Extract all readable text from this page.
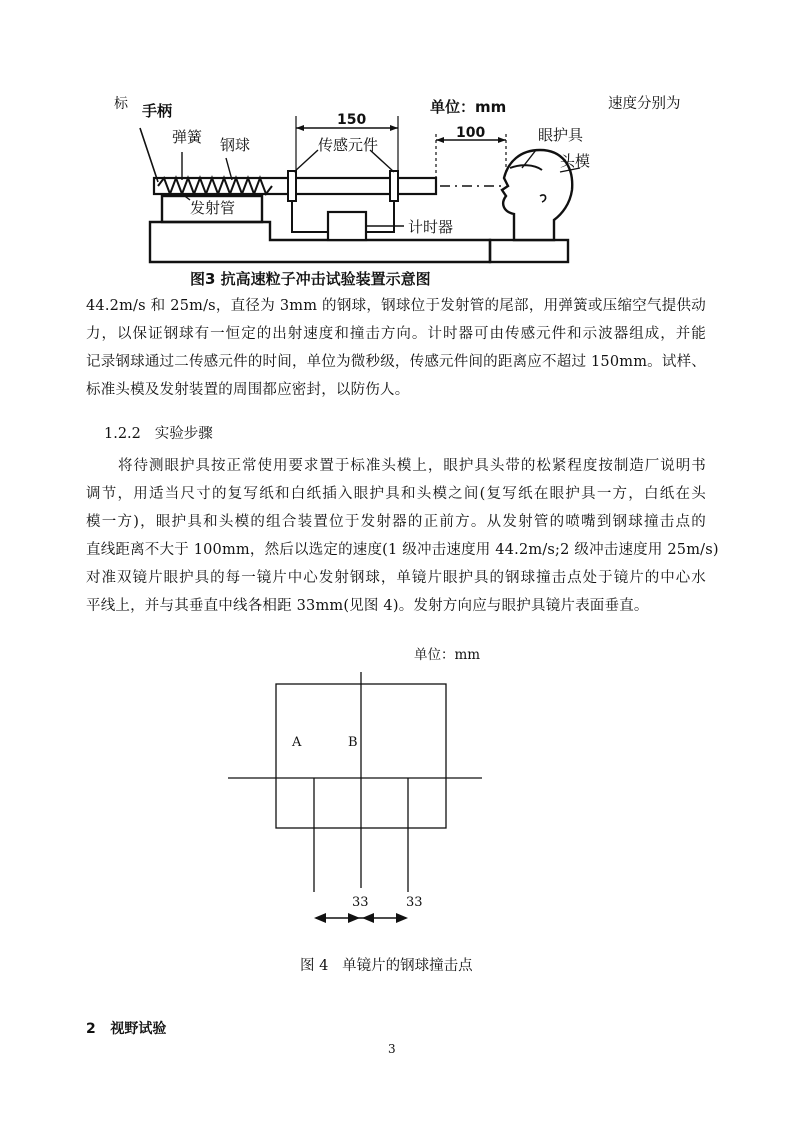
标	速度分别为
单位：mm
150
100
手柄
弹簧 钢球	传感元件
发射管
计时器
眼护具
头模
图3 抗高速粒子冲击试验装置示意图
44.2m/s 和 25m/s，直径为 3mm 的钢球，钢球位于发射管的尾部，用弹簧或压缩空气提供动
力，以保证钢球有一恒定的出射速度和撞击方向。计时器可由传感元件和示波器组成，并能
记录钢球通过二传感元件的时间，单位为微秒级，传感元件间的距离应不超过 150mm。试样、
标准头模及发射装置的周围都应密封，以防伤人。
1.2.2   实验步骤
将待测眼护具按正常使用要求置于标准头模上，眼护具头带的松紧程度按制造厂说明书
调节，用适当尺寸的复写纸和白纸插入眼护具和头模之间(复写纸在眼护具一方，白纸在头
模一方)，眼护具和头模的组合装置位于发射器的正前方。从发射管的喷嘴到钢球撞击点的
直线距离不大于 100mm，然后以选定的速度(1 级冲击速度用 44.2m/s;2 级冲击速度用 25m/s)
对准双镜片眼护具的每一镜片中心发射钢球，单镜片眼护具的钢球撞击点处于镜片的中心水
平线上，并与其垂直中线各相距 33mm(见图 4)。发射方向应与眼护具镜片表面垂直。
单位：mm
A	B
33	33
图 4   单镜片的钢球撞击点
2   视野试验
3
